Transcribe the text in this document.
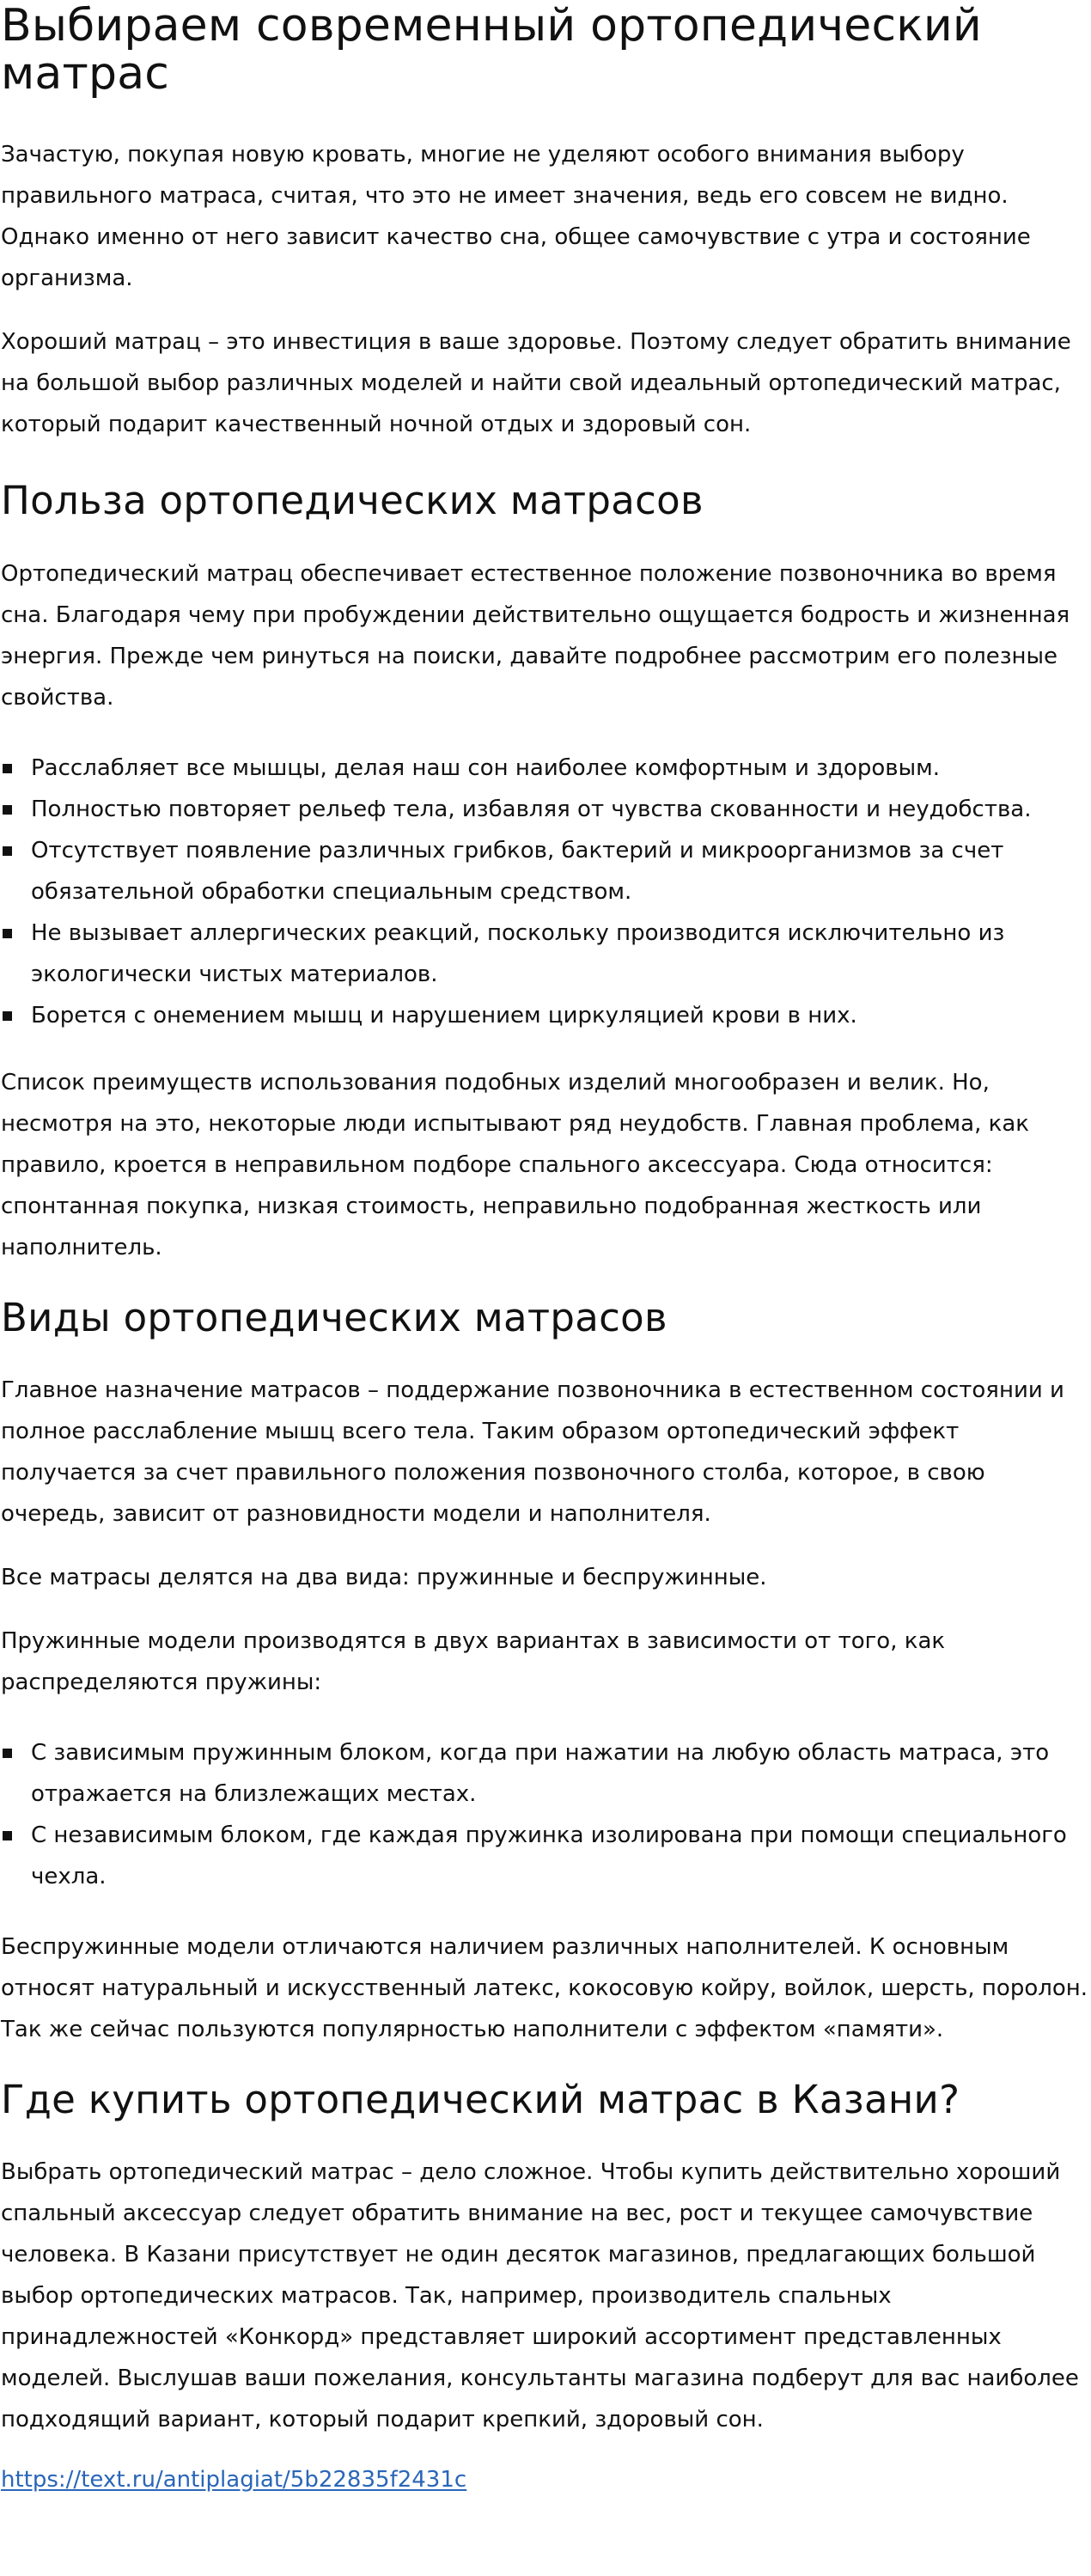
Выбираем современный ортопедический матрас

Зачастую, покупая новую кровать, многие не уделяют особого внимания выбору правильного матраса, считая, что это не имеет значения, ведь его совсем не видно. Однако именно от него зависит качество сна, общее самочувствие с утра и состояние организма.

Хороший матрац – это инвестиция в ваше здоровье. Поэтому следует обратить внимание на большой выбор различных моделей и найти свой идеальный ортопедический матрас, который подарит качественный ночной отдых и здоровый сон.

Польза ортопедических матрасов

Ортопедический матрац обеспечивает естественное положение позвоночника во время сна. Благодаря чему при пробуждении действительно ощущается бодрость и жизненная энергия. Прежде чем ринуться на поиски, давайте подробнее рассмотрим его полезные свойства.

Расслабляет все мышцы, делая наш сон наиболее комфортным и здоровым.
Полностью повторяет рельеф тела, избавляя от чувства скованности и неудобства.
Отсутствует появление различных грибков, бактерий и микроорганизмов за счет обязательной обработки специальным средством.
Не вызывает аллергических реакций, поскольку производится исключительно из экологически чистых материалов.
Борется с онемением мышц и нарушением циркуляцией крови в них.

Список преимуществ использования подобных изделий многообразен и велик. Но, несмотря на это, некоторые люди испытывают ряд неудобств. Главная проблема, как правило, кроется в неправильном подборе спального аксессуара. Сюда относится: спонтанная покупка, низкая стоимость, неправильно подобранная жесткость или наполнитель.

Виды ортопедических матрасов

Главное назначение матрасов – поддержание позвоночника в естественном состоянии и полное расслабление мышц всего тела. Таким образом ортопедический эффект получается за счет правильного положения позвоночного столба, которое, в свою очередь, зависит от разновидности модели и наполнителя.

Все матрасы делятся на два вида: пружинные и беспружинные.

Пружинные модели производятся в двух вариантах в зависимости от того, как распределяются пружины:

С зависимым пружинным блоком, когда при нажатии на любую область матраса, это отражается на близлежащих местах.
С независимым блоком, где каждая пружинка изолирована при помощи специального чехла.

Беспружинные модели отличаются наличием различных наполнителей. К основным относят натуральный и искусственный латекс, кокосовую койру, войлок, шерсть, поролон. Так же сейчас пользуются популярностью наполнители с эффектом «памяти».

Где купить ортопедический матрас в Казани?

Выбрать ортопедический матрас – дело сложное. Чтобы купить действительно хороший спальный аксессуар следует обратить внимание на вес, рост и текущее самочувствие человека. В Казани присутствует не один десяток магазинов, предлагающих большой выбор ортопедических матрасов. Так, например, производитель спальных принадлежностей «Конкорд» представляет широкий ассортимент представленных моделей. Выслушав ваши пожелания, консультанты магазина подберут для вас наиболее подходящий вариант, который подарит крепкий, здоровый сон.

https://text.ru/antiplagiat/5b22835f2431c
